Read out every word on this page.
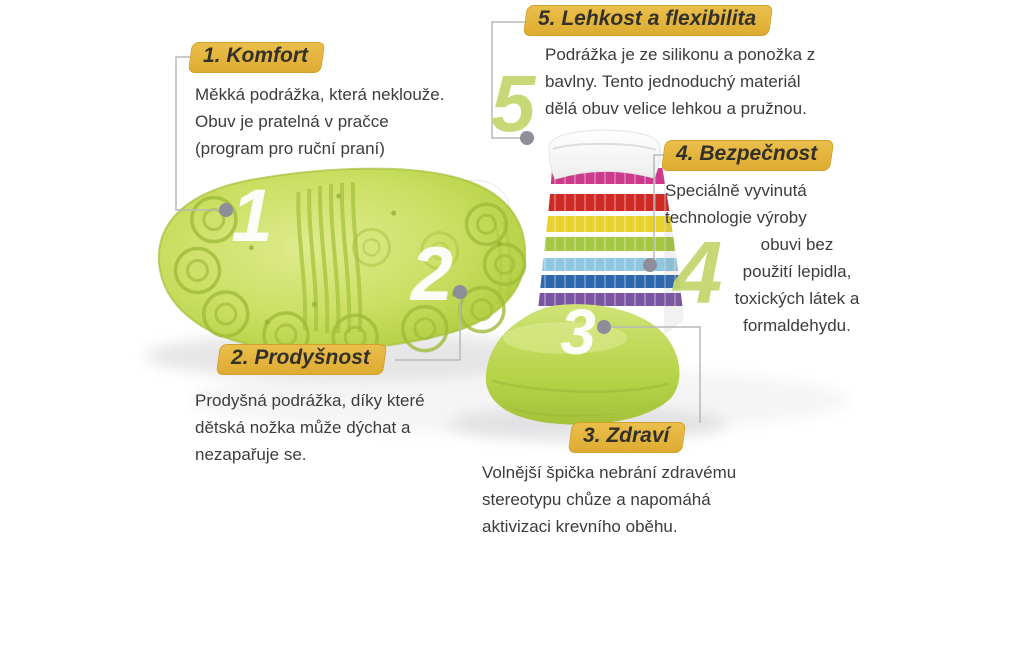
1
2
3
4
5
1. Komfort
Měkká podrážka, která neklouže.
Obuv je pratelná v pračce
(program pro ruční praní)
5. Lehkost a flexibilita
Podrážka je ze silikonu a ponožka z
bavlny. Tento jednoduchý materiál
dělá obuv velice lehkou a pružnou.
4. Bezpečnost
Speciálně vyvinutá
technologie výroby
obuvi bez
použití lepidla,
toxických látek a
formaldehydu.
2. Prodyšnost
Prodyšná podrážka, díky které
dětská nožka může dýchat a
nezapařuje se.
3. Zdraví
Volnější špička nebrání zdravému
stereotypu chůze a napomáhá
aktivizaci krevního oběhu.
